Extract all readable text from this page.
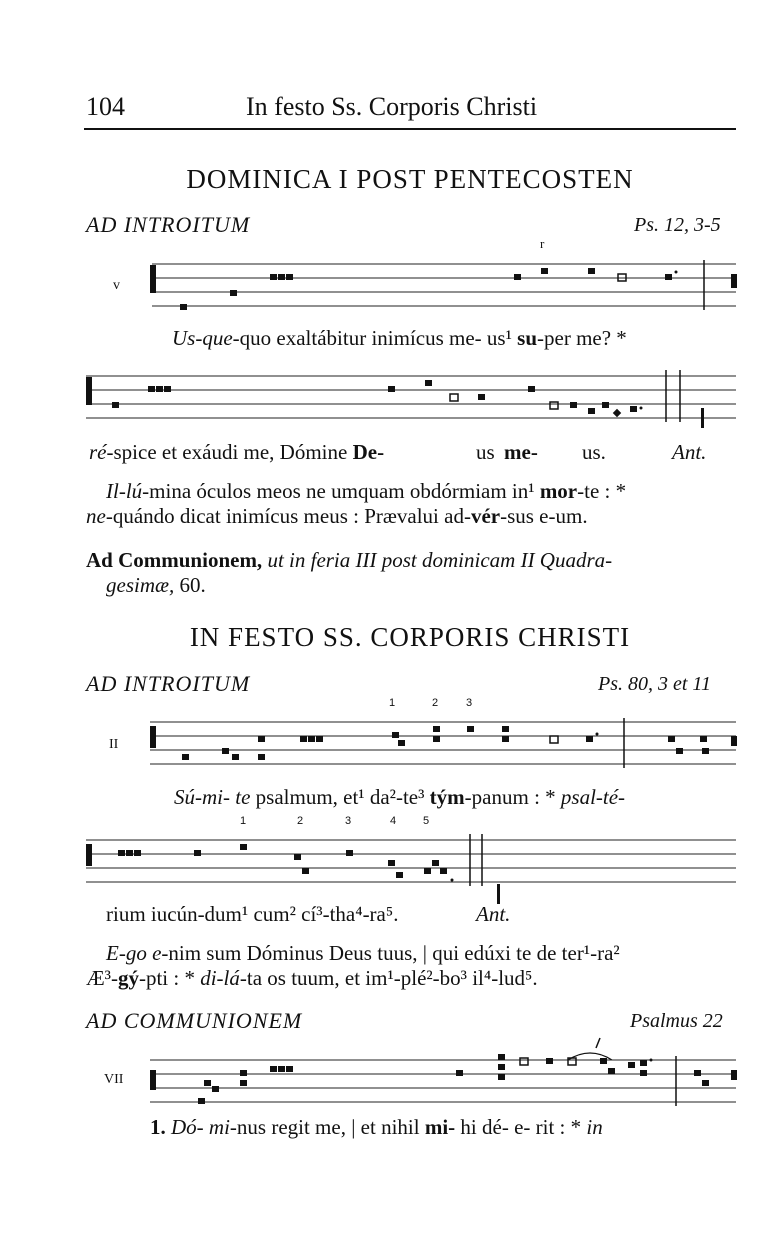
104	In festo Ss. Corporis Christi
DOMINICA I POST PENTECOSTEN
AD INTROITUM	Ps. 12, 3-5
v
r
Us-que-quo exaltábitur inimícus me- us¹ su-per me? *
ré-spice et exáudi me, Dómine De-	us me- us.	Ant.
Il-lú-mina óculos meos ne umquam obdórmiam in¹ mor-te : *
ne-quándo dicat inimícus meus : Prævalui ad-vér-sus e-um.
Ad Communionem, ut in feria III post dominicam II Quadra-
gesimæ, 60.
IN FESTO SS. CORPORIS CHRISTI
AD INTROITUM	Ps. 80, 3 et 11
II
1	2	3
Sú-mi- te psalmum, et¹ da²-te³ tým-panum : * psal-té-
1	2	3	4 5
rium iucún-dum¹ cum² cí³-tha⁴-ra⁵.	Ant.
E-go e-nim sum Dóminus Deus tuus, | qui edúxi te de ter¹-ra²
Æ³-gý-pti : * di-lá-ta os tuum, et im¹-plé²-bo³ il⁴-lud⁵.
AD COMMUNIONEM	Psalmus 22
VII
1. Dó- mi-nus regit me, | et nihil mi- hi dé- e- rit : * in
